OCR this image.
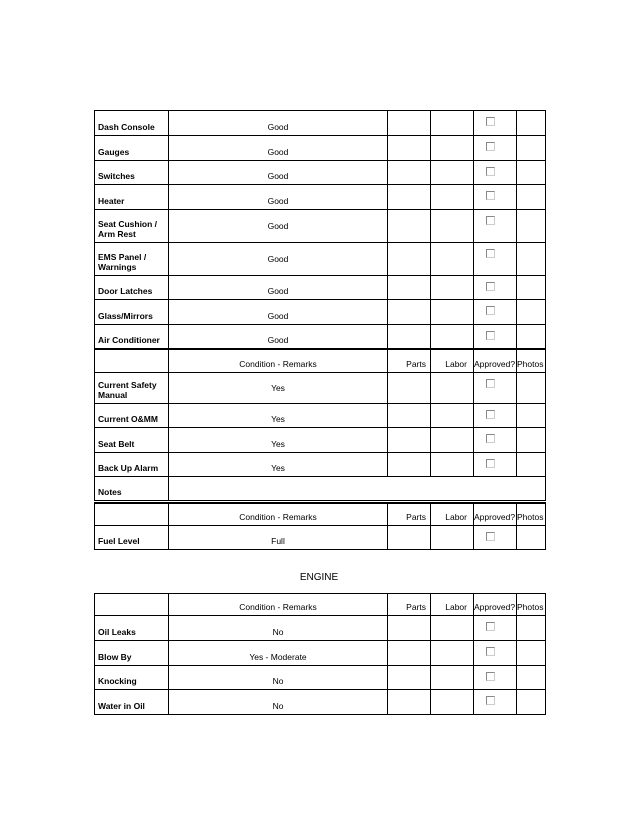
Dash Console	Good			

Gauges	Good			

Switches	Good			

Heater	Good			

Seat Cushion / Arm Rest	Good			

EMS Panel / Warnings	Good			

Door Latches	Good			

Glass/Mirrors	Good			

Air Conditioner	Good			

	Condition - Remarks	Parts	Labor	Approved?	Photos
Current Safety Manual	Yes			

Current O&MM	Yes			

Seat Belt	Yes			

Back Up Alarm	Yes			

Notes					
	Condition - Remarks	Parts	Labor	Approved?	Photos
Fuel Level	Full			

ENGINE
	Condition - Remarks	Parts	Labor	Approved?	Photos
Oil Leaks	No			

Blow By	Yes - Moderate			

Knocking	No			

Water in Oil	No			
